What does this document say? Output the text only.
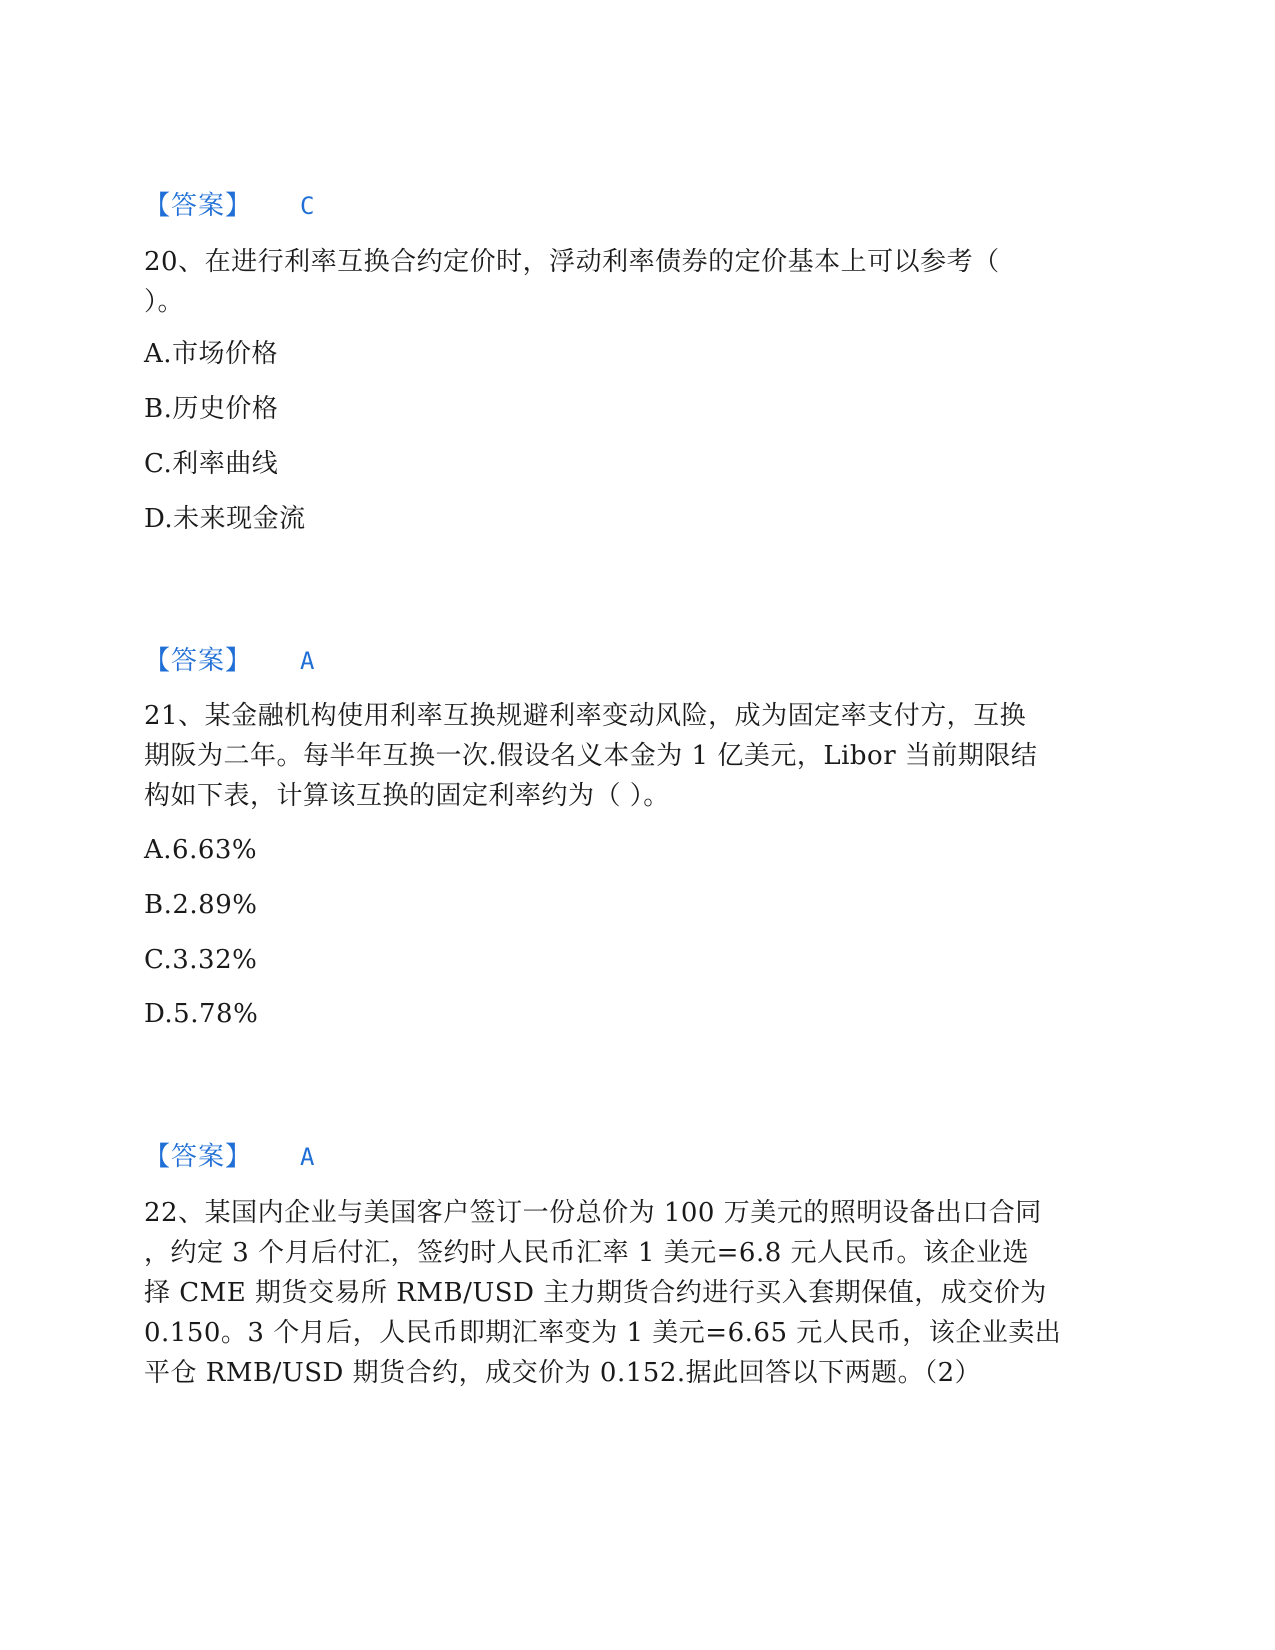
【答案】 C
20、在进行利率互换合约定价时，浮动利率债券的定价基本上可以参考（
）。
A.市场价格
B.历史价格
C.利率曲线
D.未来现金流
【答案】 A
21、某金融机构使用利率互换规避利率变动风险，成为固定率支付方，互换
期阪为二年。每半年互换一次.假设名义本金为 1 亿美元，Libor 当前期限结
构如下表，计算该互换的固定利率约为（ ）。
A.6.63%
B.2.89%
C.3.32%
D.5.78%
【答案】 A
22、某国内企业与美国客户签订一份总价为 100 万美元的照明设备出口合同
，约定 3 个月后付汇，签约时人民币汇率 1 美元=6.8 元人民币。该企业选
择 CME 期货交易所 RMB/USD 主力期货合约进行买入套期保值，成交价为
0.150。3 个月后，人民币即期汇率变为 1 美元=6.65 元人民币，该企业卖出
平仓 RMB/USD 期货合约，成交价为 0.152.据此回答以下两题。（2）
